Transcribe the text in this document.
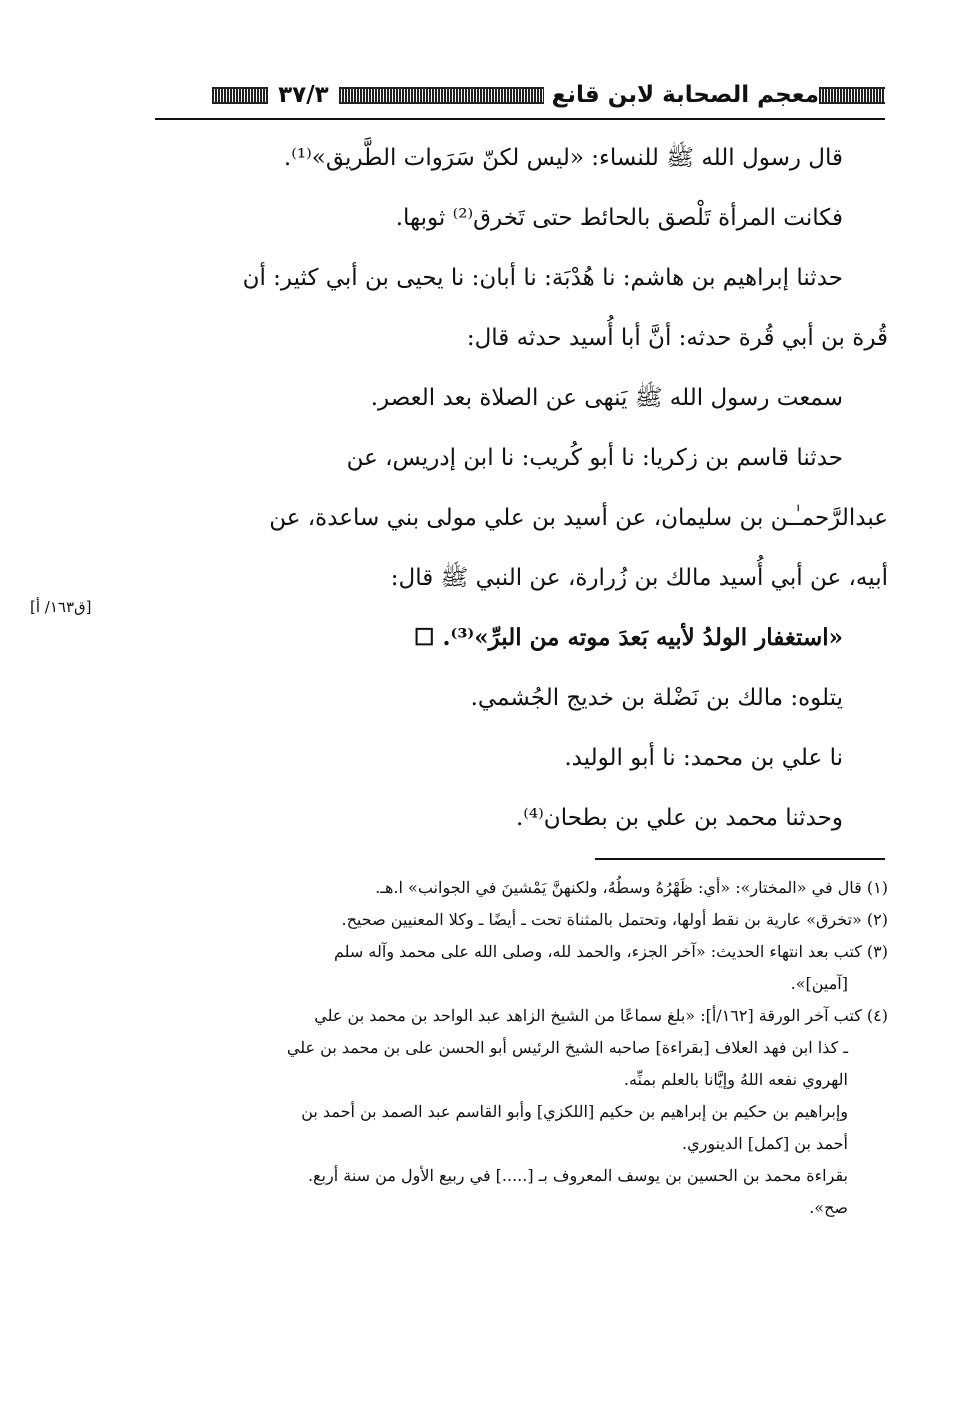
معجم الصحابة لابن قانع
٣٧/٣

قال رسول الله ﷺ للنساء: «ليس لكنّ سَرَوات الطَّريق»⁽¹⁾.

فكانت المرأة تَلْصق بالحائط حتى تَخرق⁽²⁾ ثوبها.

حدثنا إبراهيم بن هاشم: نا هُدْبَة: نا أبان: نا يحيى بن أبي كثير: أن

قُرة بن أبي قُرة حدثه: أنَّ أبا أُسيد حدثه قال:

سمعت رسول الله ﷺ يَنهى عن الصلاة بعد العصر.

حدثنا قاسم بن زكريا: نا أبو كُريب: نا ابن إدريس، عن

عبدالرَّحمـٰـن بن سليمان، عن أسيد بن علي مولى بني ساعدة، عن

أبيه، عن أبي أُسيد مالك بن زُرارة، عن النبي ﷺ قال:

«استغفار الولدُ لأبيه بَعدَ موته من البرِّ»⁽³⁾. ☐

يتلوه: مالك بن نَضْلة بن خديج الجُشمي.

نا علي بن محمد: نا أبو الوليد.

وحدثنا محمد بن علي بن بطحان⁽⁴⁾.

[ق١٦٣/ أ]

(١) قال في «المختار»: «أي: ظَهْرُهُ وسطُهُ، ولكنهنَّ يَمْشينَ في الجوانب» ا.هـ.

(٢) «تخرق» عارية بن نقط أولها، وتحتمل بالمثناة تحت ـ أيضًا ـ وكلا المعنيين صحيح.

(٣) كتب بعد انتهاء الحديث: «آخر الجزء، والحمد لله، وصلى الله على محمد وآله سلم

[آمين]».

(٤) كتب آخر الورقة [١٦٢/أ]: «بلغ سماعًا من الشيخ الزاهد عبد الواحد بن محمد بن علي

ـ كذا ابن فهد العلاف [بقراءة] صاحبه الشيخ الرئيس أبو الحسن على بن محمد بن علي

الهروي نفعه اللهُ وإيَّانا بالعلم بمنِّه.

وإبراهيم بن حكيم بن إبراهيم بن حكيم [اللكزي] وأبو القاسم عبد الصمد بن أحمد بن

أحمد بن [كمل] الدينوري.

بقراءة محمد بن الحسين بن يوسف المعروف بـ [.....] في ربيع الأول من سنة أربع.

صح».
